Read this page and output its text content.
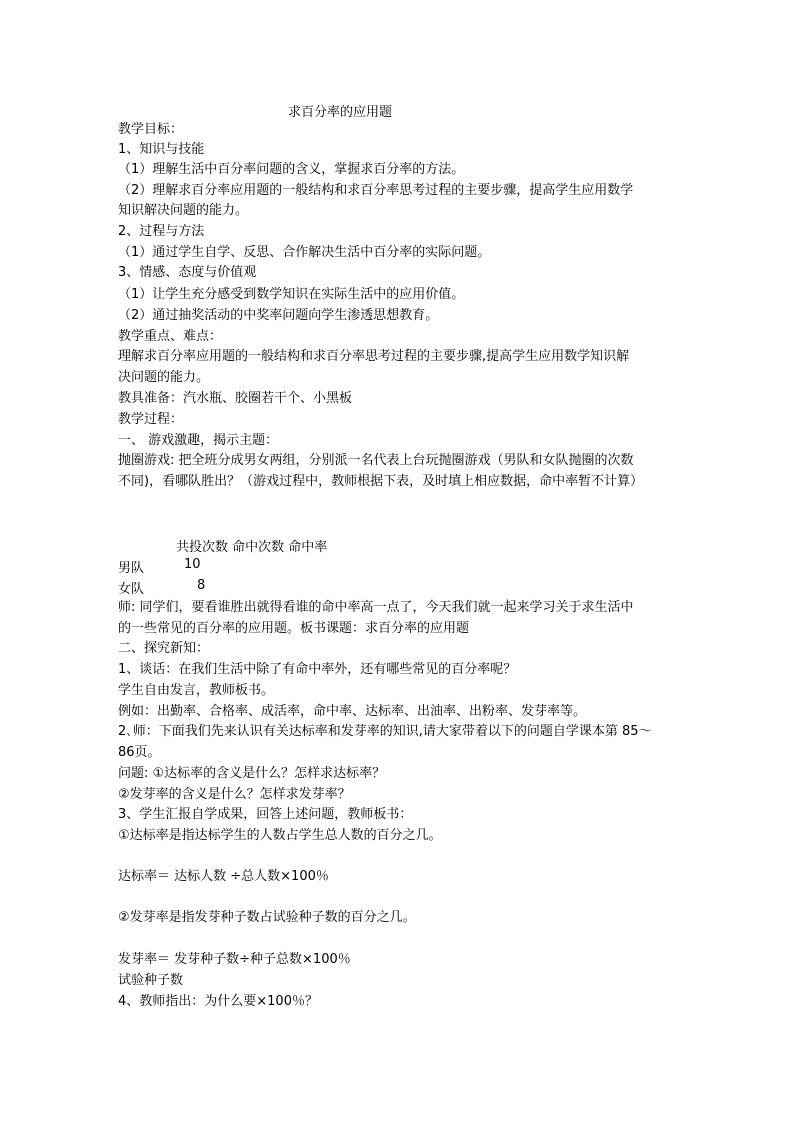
求百分率的应用题
教学目标：
1、知识与技能
（1）理解生活中百分率问题的含义，掌握求百分率的方法。
（2）理解求百分率应用题的一般结构和求百分率思考过程的主要步骤，提高学生应用数学
知识解决问题的能力。
2、过程与方法
（1）通过学生自学、反思、合作解决生活中百分率的实际问题。
3、情感、态度与价值观
（1）让学生充分感受到数学知识在实际生活中的应用价值。
（2）通过抽奖活动的中奖率问题向学生渗透思想教育。
教学重点、难点：
理解求百分率应用题的一般结构和求百分率思考过程的主要步骤,提高学生应用数学知识解
决问题的能力。
教具准备：汽水瓶、胶圈若干个、小黑板
教学过程：
一、 游戏激趣，揭示主题：
抛圈游戏: 把全班分成男女两组，分别派一名代表上台玩抛圈游戏（男队和女队抛圈的次数
不同)，看哪队胜出？（游戏过程中，教师根据下表，及时填上相应数据，命中率暂不计算）
共投次数 命中次数 命中率
男队	10
女队	8
师: 同学们，要看谁胜出就得看谁的命中率高一点了，今天我们就一起来学习关于求生活中
的一些常见的百分率的应用题。板书课题：求百分率的应用题
二、探究新知：
1、谈话：在我们生活中除了有命中率外，还有哪些常见的百分率呢？
学生自由发言，教师板书。
例如：出勤率、合格率、成活率，命中率、达标率、出油率、出粉率、发芽率等。
2､师：下面我们先来认识有关达标率和发芽率的知识,请大家带着以下的问题自学课本第 85～
86页。
问题: ①达标率的含义是什么？怎样求达标率？
②发芽率的含义是什么？怎样求发芽率？
3、学生汇报自学成果，回答上述问题，教师板书：
①达标率是指达标学生的人数占学生总人数的百分之几。
达标率＝ 达标人数 ÷总人数×100％
②发芽率是指发芽种子数占试验种子数的百分之几。
发芽率＝ 发芽种子数÷种子总数×100％
试验种子数
4、教师指出：为什么要×100％？
